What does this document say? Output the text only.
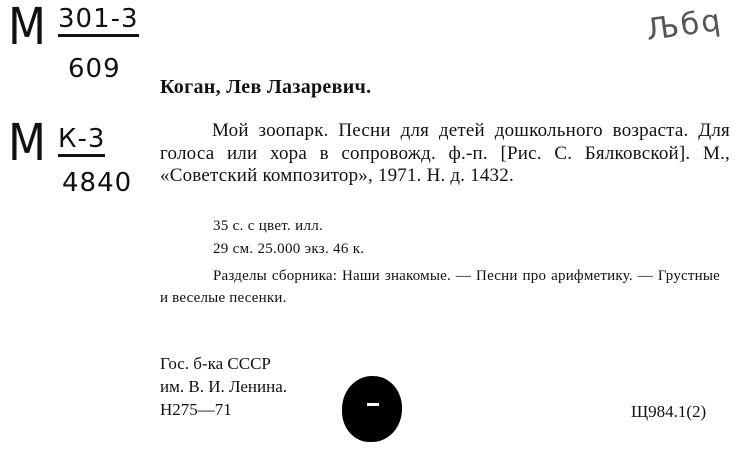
М 301-3
609
М К-3
4840
Љбq
Коган, Лев Лазаревич.
Мой зоопарк. Песни для детей дошкольного возраста. Для голоса или хора в сопровожд. ф.-п. [Рис. С. Бялковской]. М., «Советский композитор», 1971. Н. д. 1432.
35 с. с цвет. илл.
29 см. 25.000 экз. 46 к.
Разделы сборника: Наши знакомые. — Песни про арифметику. — Грустные и веселые песенки.
Гос. б-ка СССР
им. В. И. Ленина.
Н275—71	Щ984.1(2)
